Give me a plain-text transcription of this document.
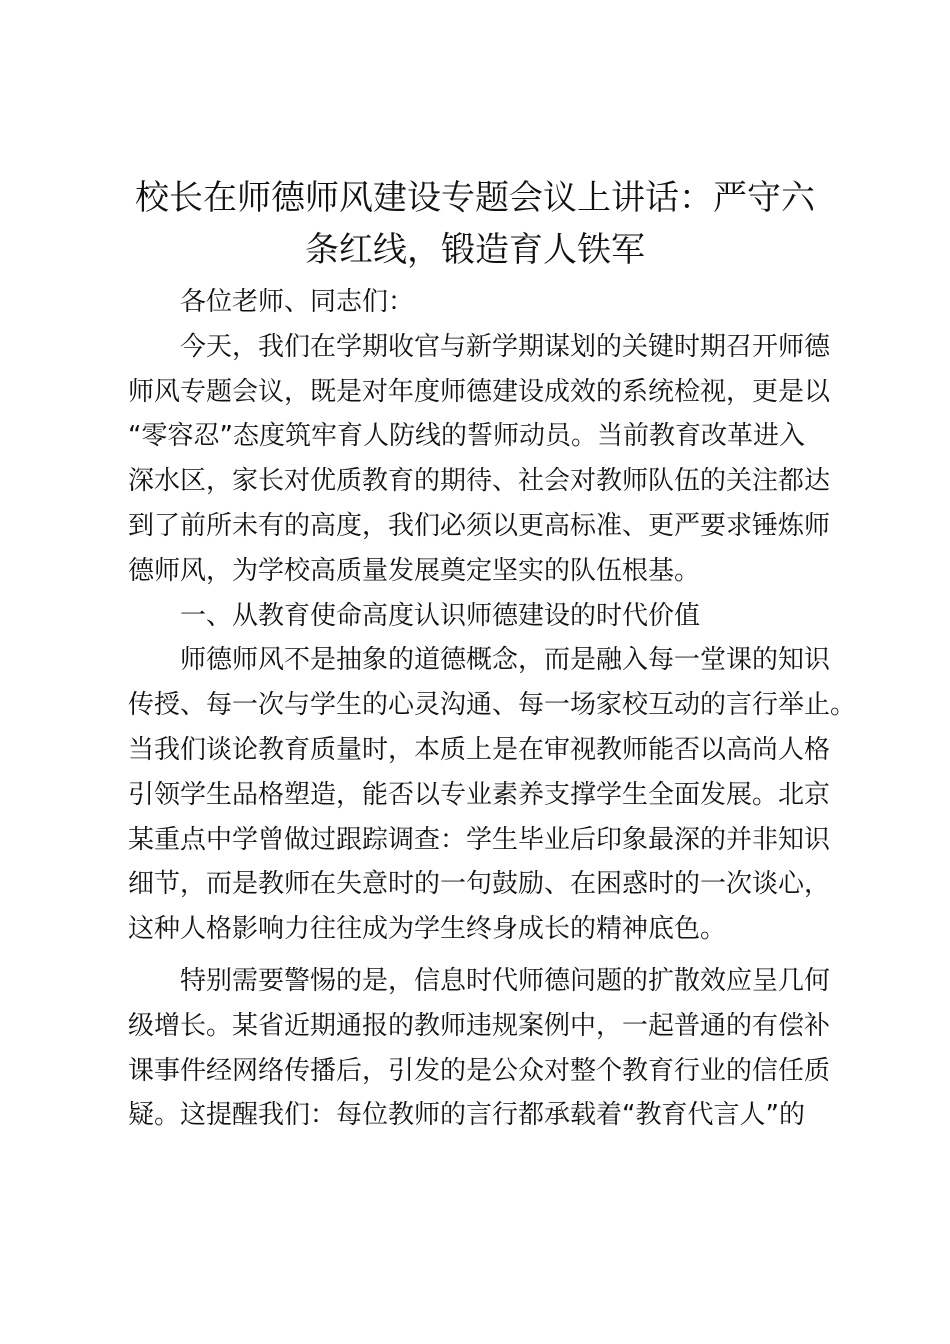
校长在师德师风建设专题会议上讲话：严守六
条红线，锻造育人铁军
各位老师、同志们：
今天，我们在学期收官与新学期谋划的关键时期召开师德
师风专题会议，既是对年度师德建设成效的系统检视，更是以
“零容忍”态度筑牢育人防线的誓师动员。当前教育改革进入
深水区，家长对优质教育的期待、社会对教师队伍的关注都达
到了前所未有的高度，我们必须以更高标准、更严要求锤炼师
德师风，为学校高质量发展奠定坚实的队伍根基。
一、从教育使命高度认识师德建设的时代价值
师德师风不是抽象的道德概念，而是融入每一堂课的知识
传授、每一次与学生的心灵沟通、每一场家校互动的言行举止。
当我们谈论教育质量时，本质上是在审视教师能否以高尚人格
引领学生品格塑造，能否以专业素养支撑学生全面发展。北京
某重点中学曾做过跟踪调查：学生毕业后印象最深的并非知识
细节，而是教师在失意时的一句鼓励、在困惑时的一次谈心，
这种人格影响力往往成为学生终身成长的精神底色。
特别需要警惕的是，信息时代师德问题的扩散效应呈几何
级增长。某省近期通报的教师违规案例中，一起普通的有偿补
课事件经网络传播后，引发的是公众对整个教育行业的信任质
疑。这提醒我们：每位教师的言行都承载着“教育代言人”的
